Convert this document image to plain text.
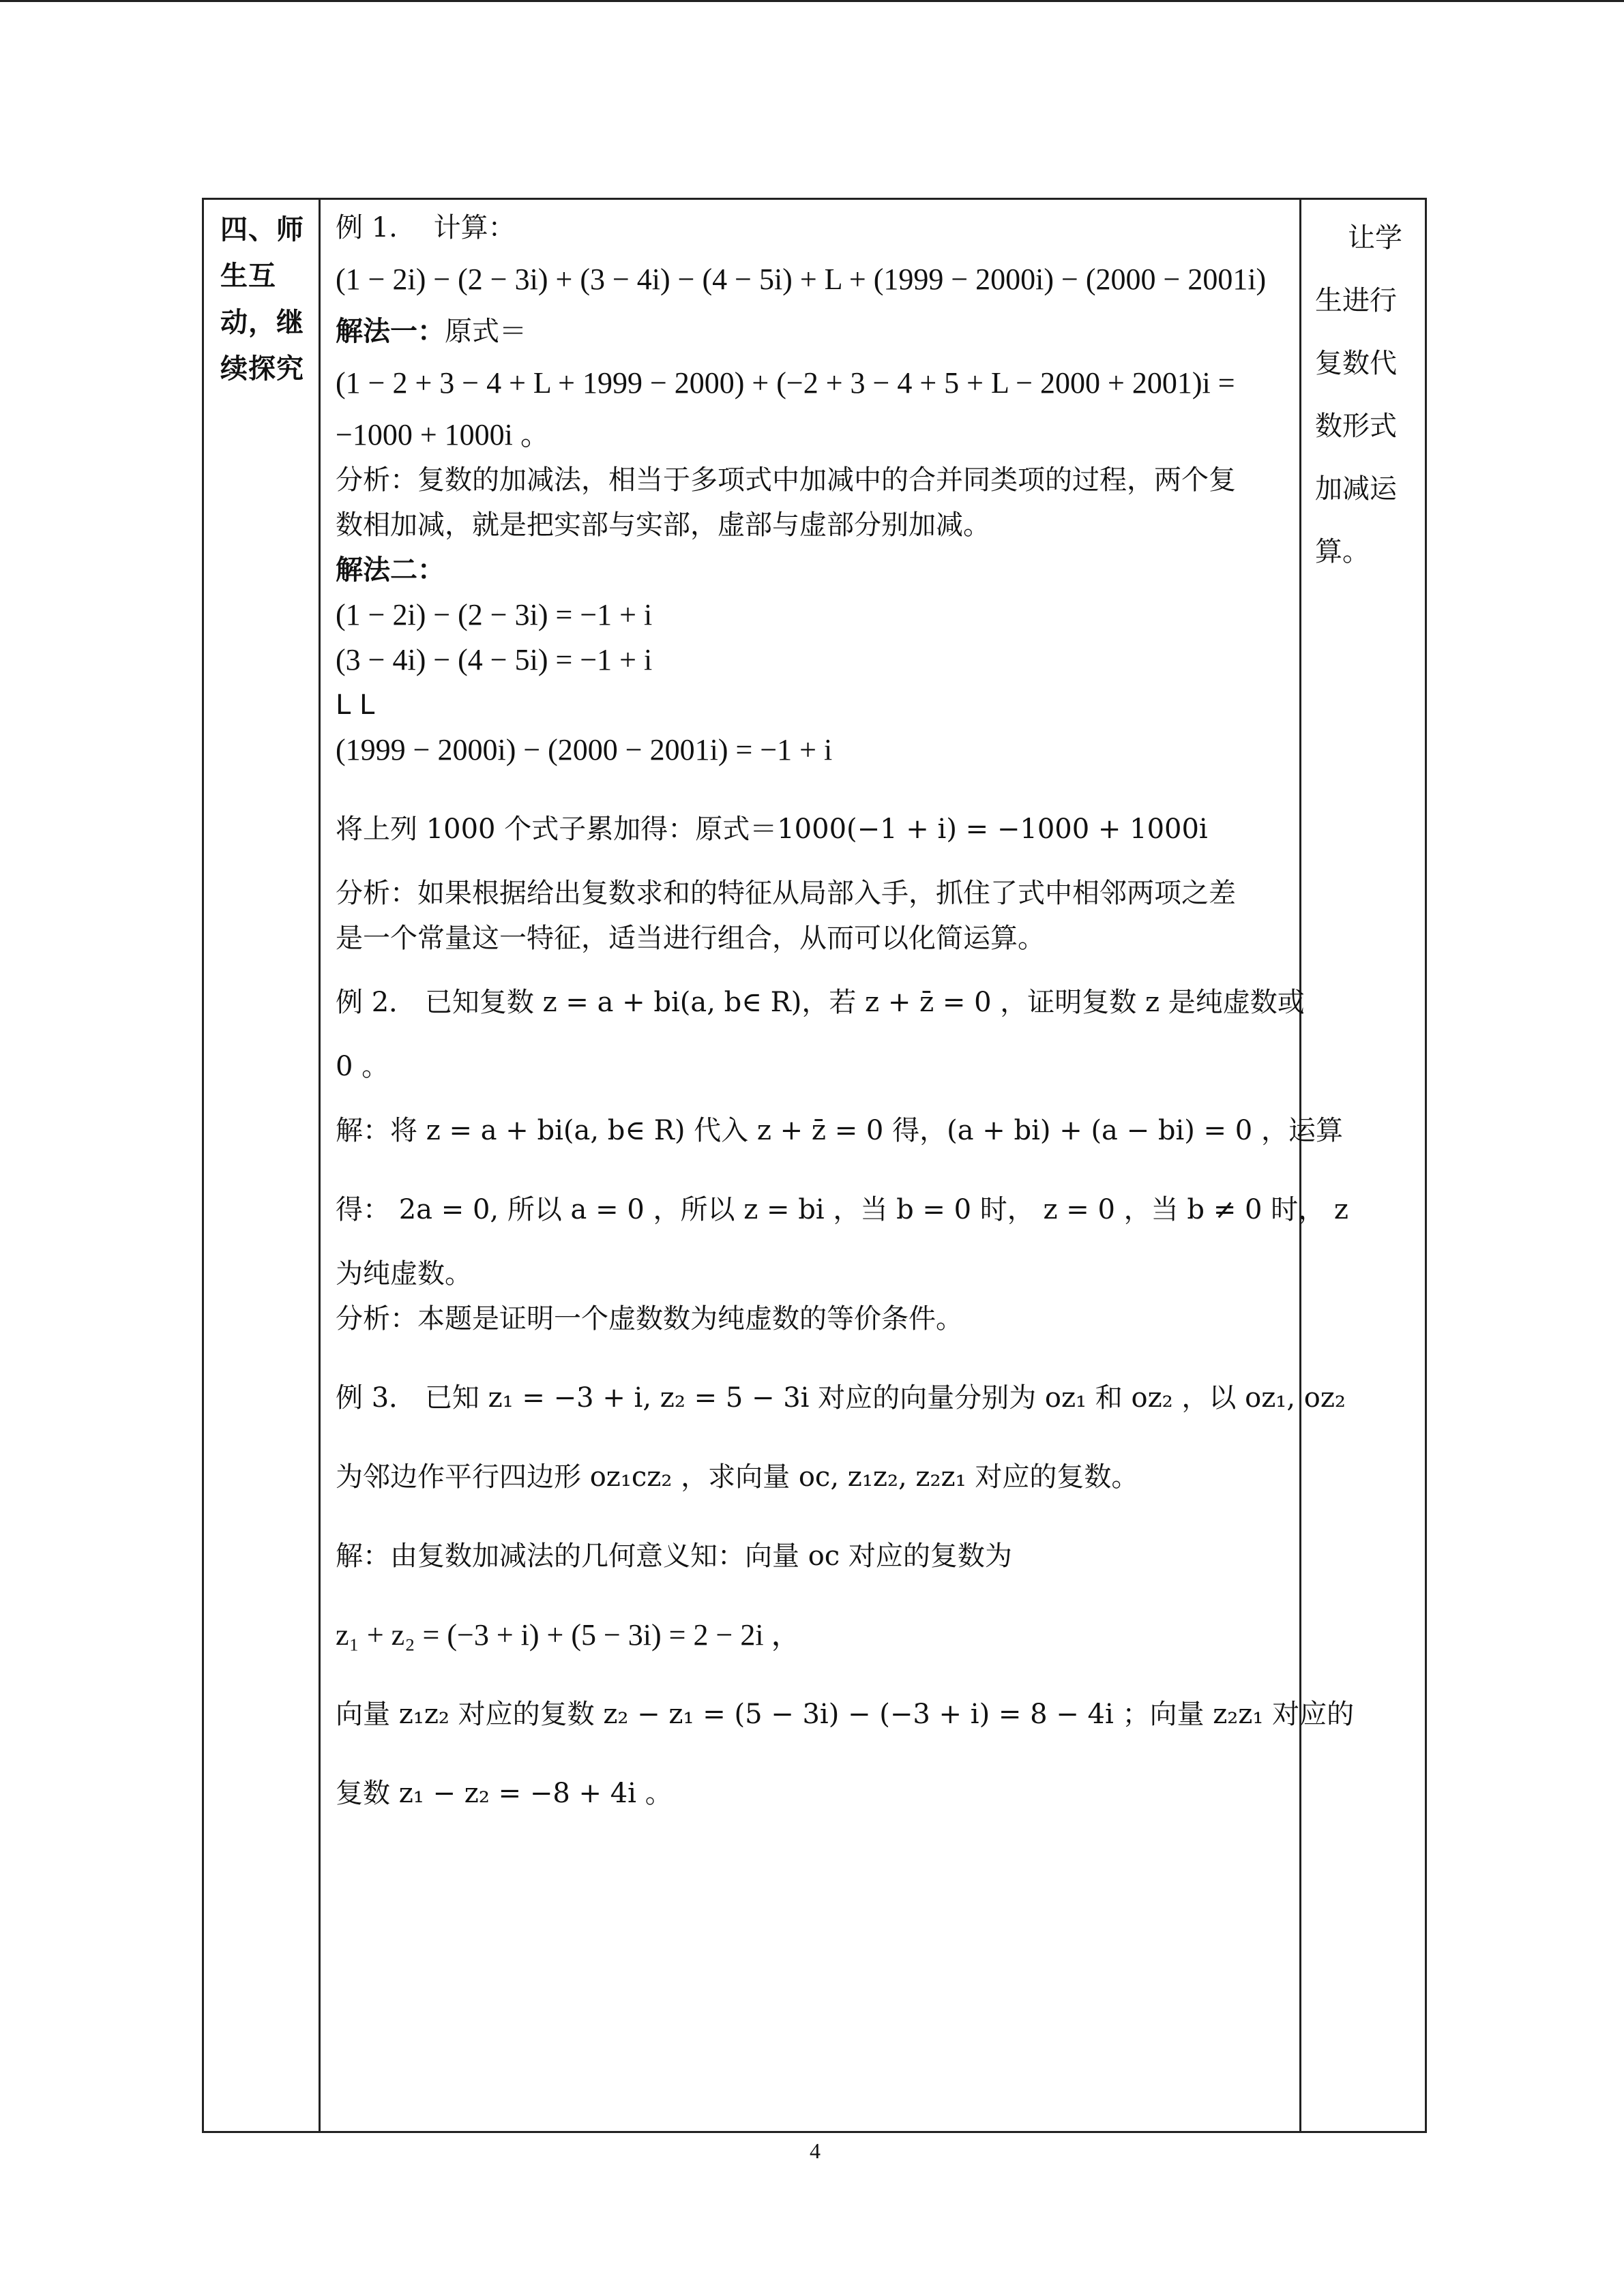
四、师
生互
动，继
续探究

例 1.　 计算：
(1 − 2i) − (2 − 3i) + (3 − 4i) − (4 − 5i) + L + (1999 − 2000i) − (2000 − 2001i)
解法一：原式＝
(1 − 2 + 3 − 4 + L + 1999 − 2000) + (−2 + 3 − 4 + 5 + L − 2000 + 2001)i =
−1000 + 1000i 。
分析：复数的加减法，相当于多项式中加减中的合并同类项的过程，两个复
数相加减，就是把实部与实部，虚部与虚部分别加减。
解法二：
(1 − 2i) − (2 − 3i) = −1 + i
(3 − 4i) − (4 − 5i) = −1 + i
L L
(1999 − 2000i) − (2000 − 2001i) = −1 + i
将上列 1000 个式子累加得：原式＝1000(−1 + i) = −1000 + 1000i
分析：如果根据给出复数求和的特征从局部入手，抓住了式中相邻两项之差
是一个常量这一特征，适当进行组合，从而可以化简运算。
例 2． 已知复数 z = a + bi(a, b∈ R)，若 z + z̄ = 0 ，证明复数 z 是纯虚数或
0 。
解：将 z = a + bi(a, b∈ R) 代入 z + z̄ = 0 得，(a + bi) + (a − bi) = 0 ，运算
得： 2a = 0, 所以 a = 0 ，所以 z = bi ，当 b = 0 时， z = 0 ，当 b ≠ 0 时， z
为纯虚数。
分析：本题是证明一个虚数数为纯虚数的等价条件。
例 3． 已知 z₁ = −3 + i, z₂ = 5 − 3i 对应的向量分别为 oz₁ 和 oz₂ ，以 oz₁, oz₂
为邻边作平行四边形 oz₁cz₂ ，求向量 oc, z₁z₂, z₂z₁ 对应的复数。
解：由复数加减法的几何意义知：向量 oc 对应的复数为
z₁ + z₂ = (−3 + i) + (5 − 3i) = 2 − 2i ，
向量 z₁z₂ 对应的复数 z₂ − z₁ = (5 − 3i) − (−3 + i) = 8 − 4i ；向量 z₂z₁ 对应的
复数 z₁ − z₂ = −8 + 4i 。

让学
生进行
复数代
数形式
加减运
算。
4
